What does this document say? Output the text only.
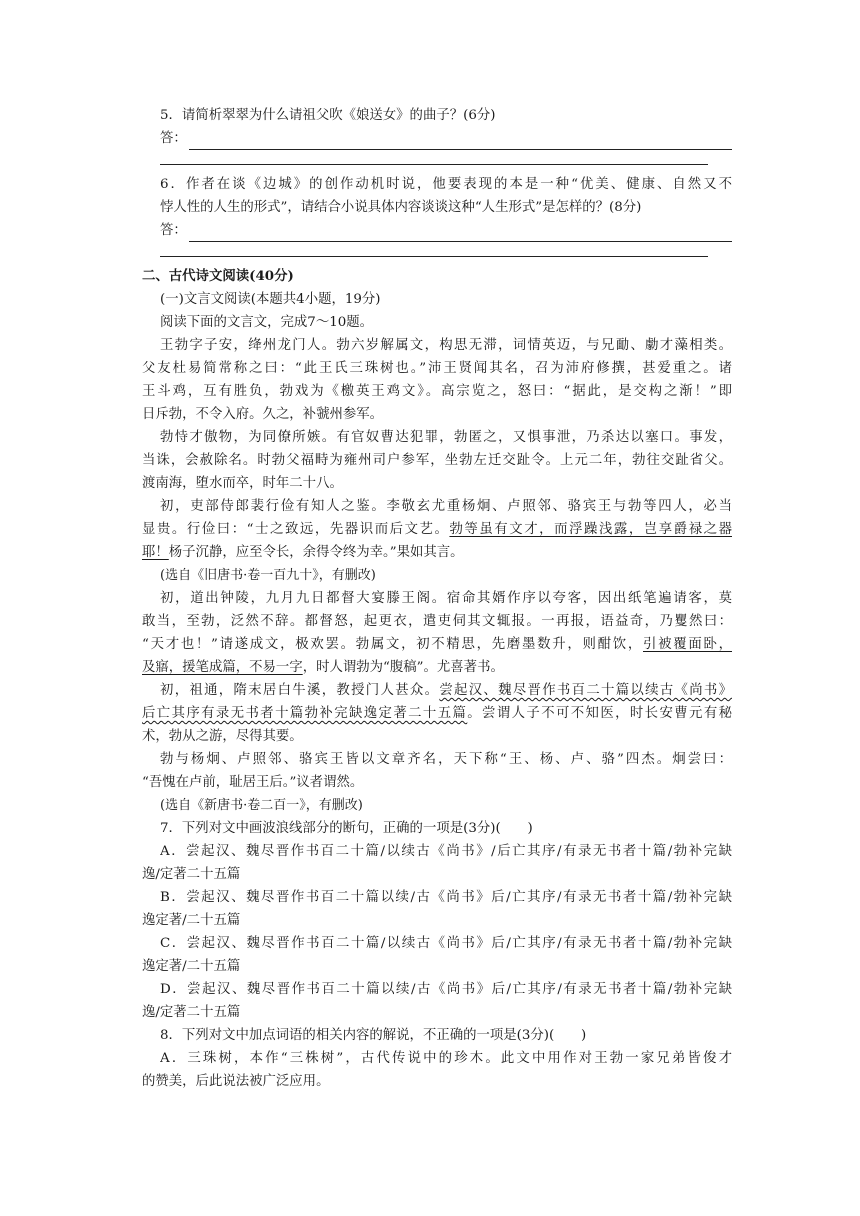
5．请简析翠翠为什么请祖父吹《娘送女》的曲子？(6分)
答：
6．作者在谈《边城》的创作动机时说，他要表现的本是一种“优美、健康、自然又不
悖人性的人生的形式”，请结合小说具体内容谈谈这种“人生形式”是怎样的？(8分)
答：
二、古代诗文阅读(40分)
(一)文言文阅读(本题共4小题，19分)
阅读下面的文言文，完成7～10题。
王勃字子安，绛州龙门人。勃六岁解属文，构思无滞，词情英迈，与兄勔、勮才藻相类。
父友杜易简常称之曰：“此王氏三珠树也。”沛王贤闻其名，召为沛府修撰，甚爱重之。诸
王斗鸡，互有胜负，勃戏为《檄英王鸡文》。高宗览之，怒曰：“据此，是交构之渐！”即
日斥勃，不令入府。久之，补虢州参军。
勃恃才傲物，为同僚所嫉。有官奴曹达犯罪，勃匿之，又惧事泄，乃杀达以塞口。事发，
当诛，会赦除名。时勃父福畤为雍州司户参军，坐勃左迁交趾令。上元二年，勃往交趾省父。
渡南海，堕水而卒，时年二十八。
初，吏部侍郎裴行俭有知人之鉴。李敬玄尤重杨炯、卢照邻、骆宾王与勃等四人，必当
显贵。行俭曰：“士之致远，先器识而后文艺。勃等虽有文才，而浮躁浅露，岂享爵禄之器
耶！杨子沉静，应至令长，余得令终为幸。”果如其言。
(选自《旧唐书·卷一百九十》，有删改)
初，道出钟陵，九月九日都督大宴滕王阁。宿命其婿作序以夸客，因出纸笔遍请客，莫
敢当，至勃，泛然不辞。都督怒，起更衣，遣吏伺其文辄报。一再报，语益奇，乃矍然曰：
“天才也！”请遂成文，极欢罢。勃属文，初不精思，先磨墨数升，则酣饮，引被覆面卧，
及寤，援笔成篇，不易一字，时人谓勃为“腹稿”。尤喜著书。
初，祖通，隋末居白牛溪，教授门人甚众。尝起汉、魏尽晋作书百二十篇以续古《尚书》
后亡其序有录无书者十篇勃补完缺逸定著二十五篇。尝谓人子不可不知医，时长安曹元有秘
术，勃从之游，尽得其要。
勃与杨炯、卢照邻、骆宾王皆以文章齐名，天下称“王、杨、卢、骆”四杰。炯尝曰：
“吾愧在卢前，耻居王后。”议者谓然。
(选自《新唐书·卷二百一》，有删改)
7．下列对文中画波浪线部分的断句，正确的一项是(3分)(　　)
A．尝起汉、魏尽晋作书百二十篇/以续古《尚书》/后亡其序/有录无书者十篇/勃补完缺
逸/定著二十五篇
B．尝起汉、魏尽晋作书百二十篇以续/古《尚书》后/亡其序/有录无书者十篇/勃补完缺
逸定著/二十五篇
C．尝起汉、魏尽晋作书百二十篇/以续古《尚书》后/亡其序/有录无书者十篇/勃补完缺
逸定著/二十五篇
D．尝起汉、魏尽晋作书百二十篇以续/古《尚书》后/亡其序/有录无书者十篇/勃补完缺
逸/定著二十五篇
8．下列对文中加点词语的相关内容的解说，不正确的一项是(3分)(　　)
A．三珠树，本作“三株树”，古代传说中的珍木。此文中用作对王勃一家兄弟皆俊才
的赞美，后此说法被广泛应用。
